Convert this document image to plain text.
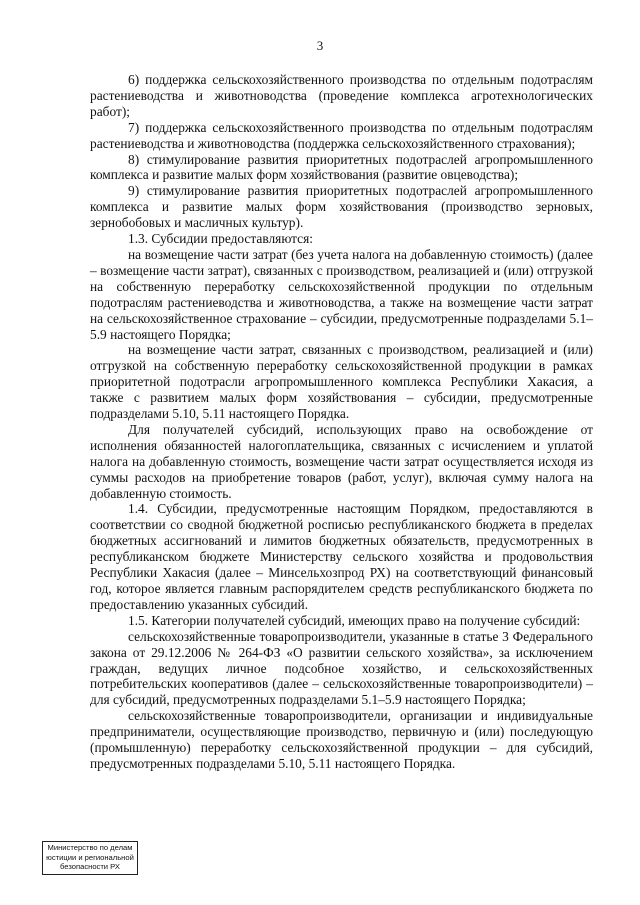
3

6) поддержка сельскохозяйственного производства по отдельным подотраслям растениеводства и животноводства (проведение комплекса агротехнологических работ);

7) поддержка сельскохозяйственного производства по отдельным подотраслям растениеводства и животноводства (поддержка сельскохозяйственного страхования);

8) стимулирование развития приоритетных подотраслей агропромышленного комплекса и развитие малых форм хозяйствования (развитие овцеводства);

9) стимулирование развития приоритетных подотраслей агропромышленного комплекса и развитие малых форм хозяйствования (производство зерновых, зернобобовых и масличных культур).

1.3. Субсидии предоставляются:

на возмещение части затрат (без учета налога на добавленную стоимость) (далее – возмещение части затрат), связанных с производством, реализацией и (или) отгрузкой на собственную переработку сельскохозяйственной продукции по отдельным подотраслям растениеводства и животноводства, а также на возмещение части затрат на сельскохозяйственное страхование – субсидии, предусмотренные подразделами 5.1–5.9 настоящего Порядка;

на возмещение части затрат, связанных с производством, реализацией и (или) отгрузкой на собственную переработку сельскохозяйственной продукции в рамках приоритетной подотрасли агропромышленного комплекса Республики Хакасия, а также с развитием малых форм хозяйствования – субсидии, предусмотренные подразделами 5.10, 5.11 настоящего Порядка.

Для получателей субсидий, использующих право на освобождение от исполнения обязанностей налогоплательщика, связанных с исчислением и уплатой налога на добавленную стоимость, возмещение части затрат осуществляется исходя из суммы расходов на приобретение товаров (работ, услуг), включая сумму налога на добавленную стоимость.

1.4. Субсидии, предусмотренные настоящим Порядком, предоставляются в соответствии со сводной бюджетной росписью республиканского бюджета в пределах бюджетных ассигнований и лимитов бюджетных обязательств, предусмотренных в республиканском бюджете Министерству сельского хозяйства и продовольствия Республики Хакасия (далее – Минсельхозпрод РХ) на соответствующий финансовый год, которое является главным распорядителем средств республиканского бюджета по предоставлению указанных субсидий.

1.5. Категории получателей субсидий, имеющих право на получение субсидий:

сельскохозяйственные товаропроизводители, указанные в статье 3 Федерального закона от 29.12.2006 № 264-ФЗ «О развитии сельского хозяйства», за исключением граждан, ведущих личное подсобное хозяйство, и сельскохозяйственных потребительских кооперативов (далее – сельскохозяйственные товаропроизводители) – для субсидий, предусмотренных подразделами 5.1–5.9 настоящего Порядка;

сельскохозяйственные товаропроизводители, организации и индивидуальные предприниматели, осуществляющие производство, первичную и (или) последующую (промышленную) переработку сельскохозяйственной продукции – для субсидий, предусмотренных подразделами 5.10, 5.11 настоящего Порядка.

Министерство по делам
юстиции и региональной
безопасности РХ
